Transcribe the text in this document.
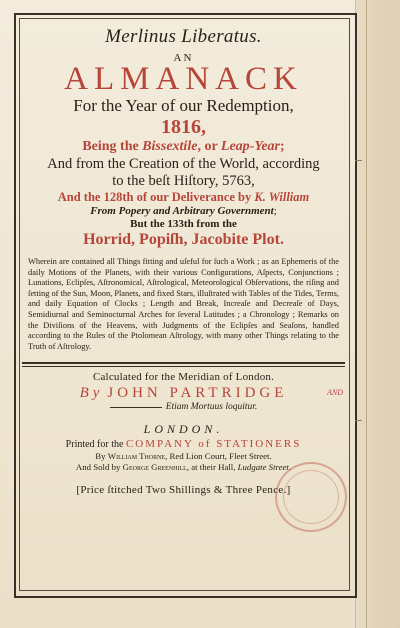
Merlinus Liberatus.
AN
ALMANACK
For the Year of our Redemption,
1816,
Being the Bissextile, or Leap-Year;
And from the Creation of the World, according
to the beſt Hiſtory, 5763,
And the 128th of our Deliverance by K. William
From Popery and Arbitrary Government;
But the 133th from the
Horrid, Popiſh, Jacobite Plot.
Wherein are contained all Things fitting and uſeful for ſuch a Work ; as an Ephemeris of the daily Motions of the Planets, with their various Configurations, Aſpects, Conjunctions ; Lunations, Eclipſes, Aſtronomical, Aſtrological, Meteorological Obſervations, the riſing and ſetting of the Sun, Moon, Planets, and fixed Stars, illuſtrated with Tables of the Tides, Terms, and daily Equation of Clocks ; Length and Break, Increaſe and Decreaſe of Days, Semidiurnal and Seminocturnal Arches for ſeveral Latitudes ; a Chronology ; Remarks on the Diviſions of the Heavens, with Judgments of the Eclipſes and Seaſons, handled according to the Rules of the Ptolomean Aſtrology, with many other Things relating to the Truth of Aſtrology.
Calculated for the Meridian of London.
By JOHN PARTRIDGE	AND
Etiam Mortuus loquitur.
LONDON.
Printed for the COMPANY of STATIONERS
By William Thorne, Red Lion Court, Fleet Street.
And Sold by George Greenhill, at their Hall, Ludgate Street.
[Price ſtitched Two Shillings & Three Pence.]
